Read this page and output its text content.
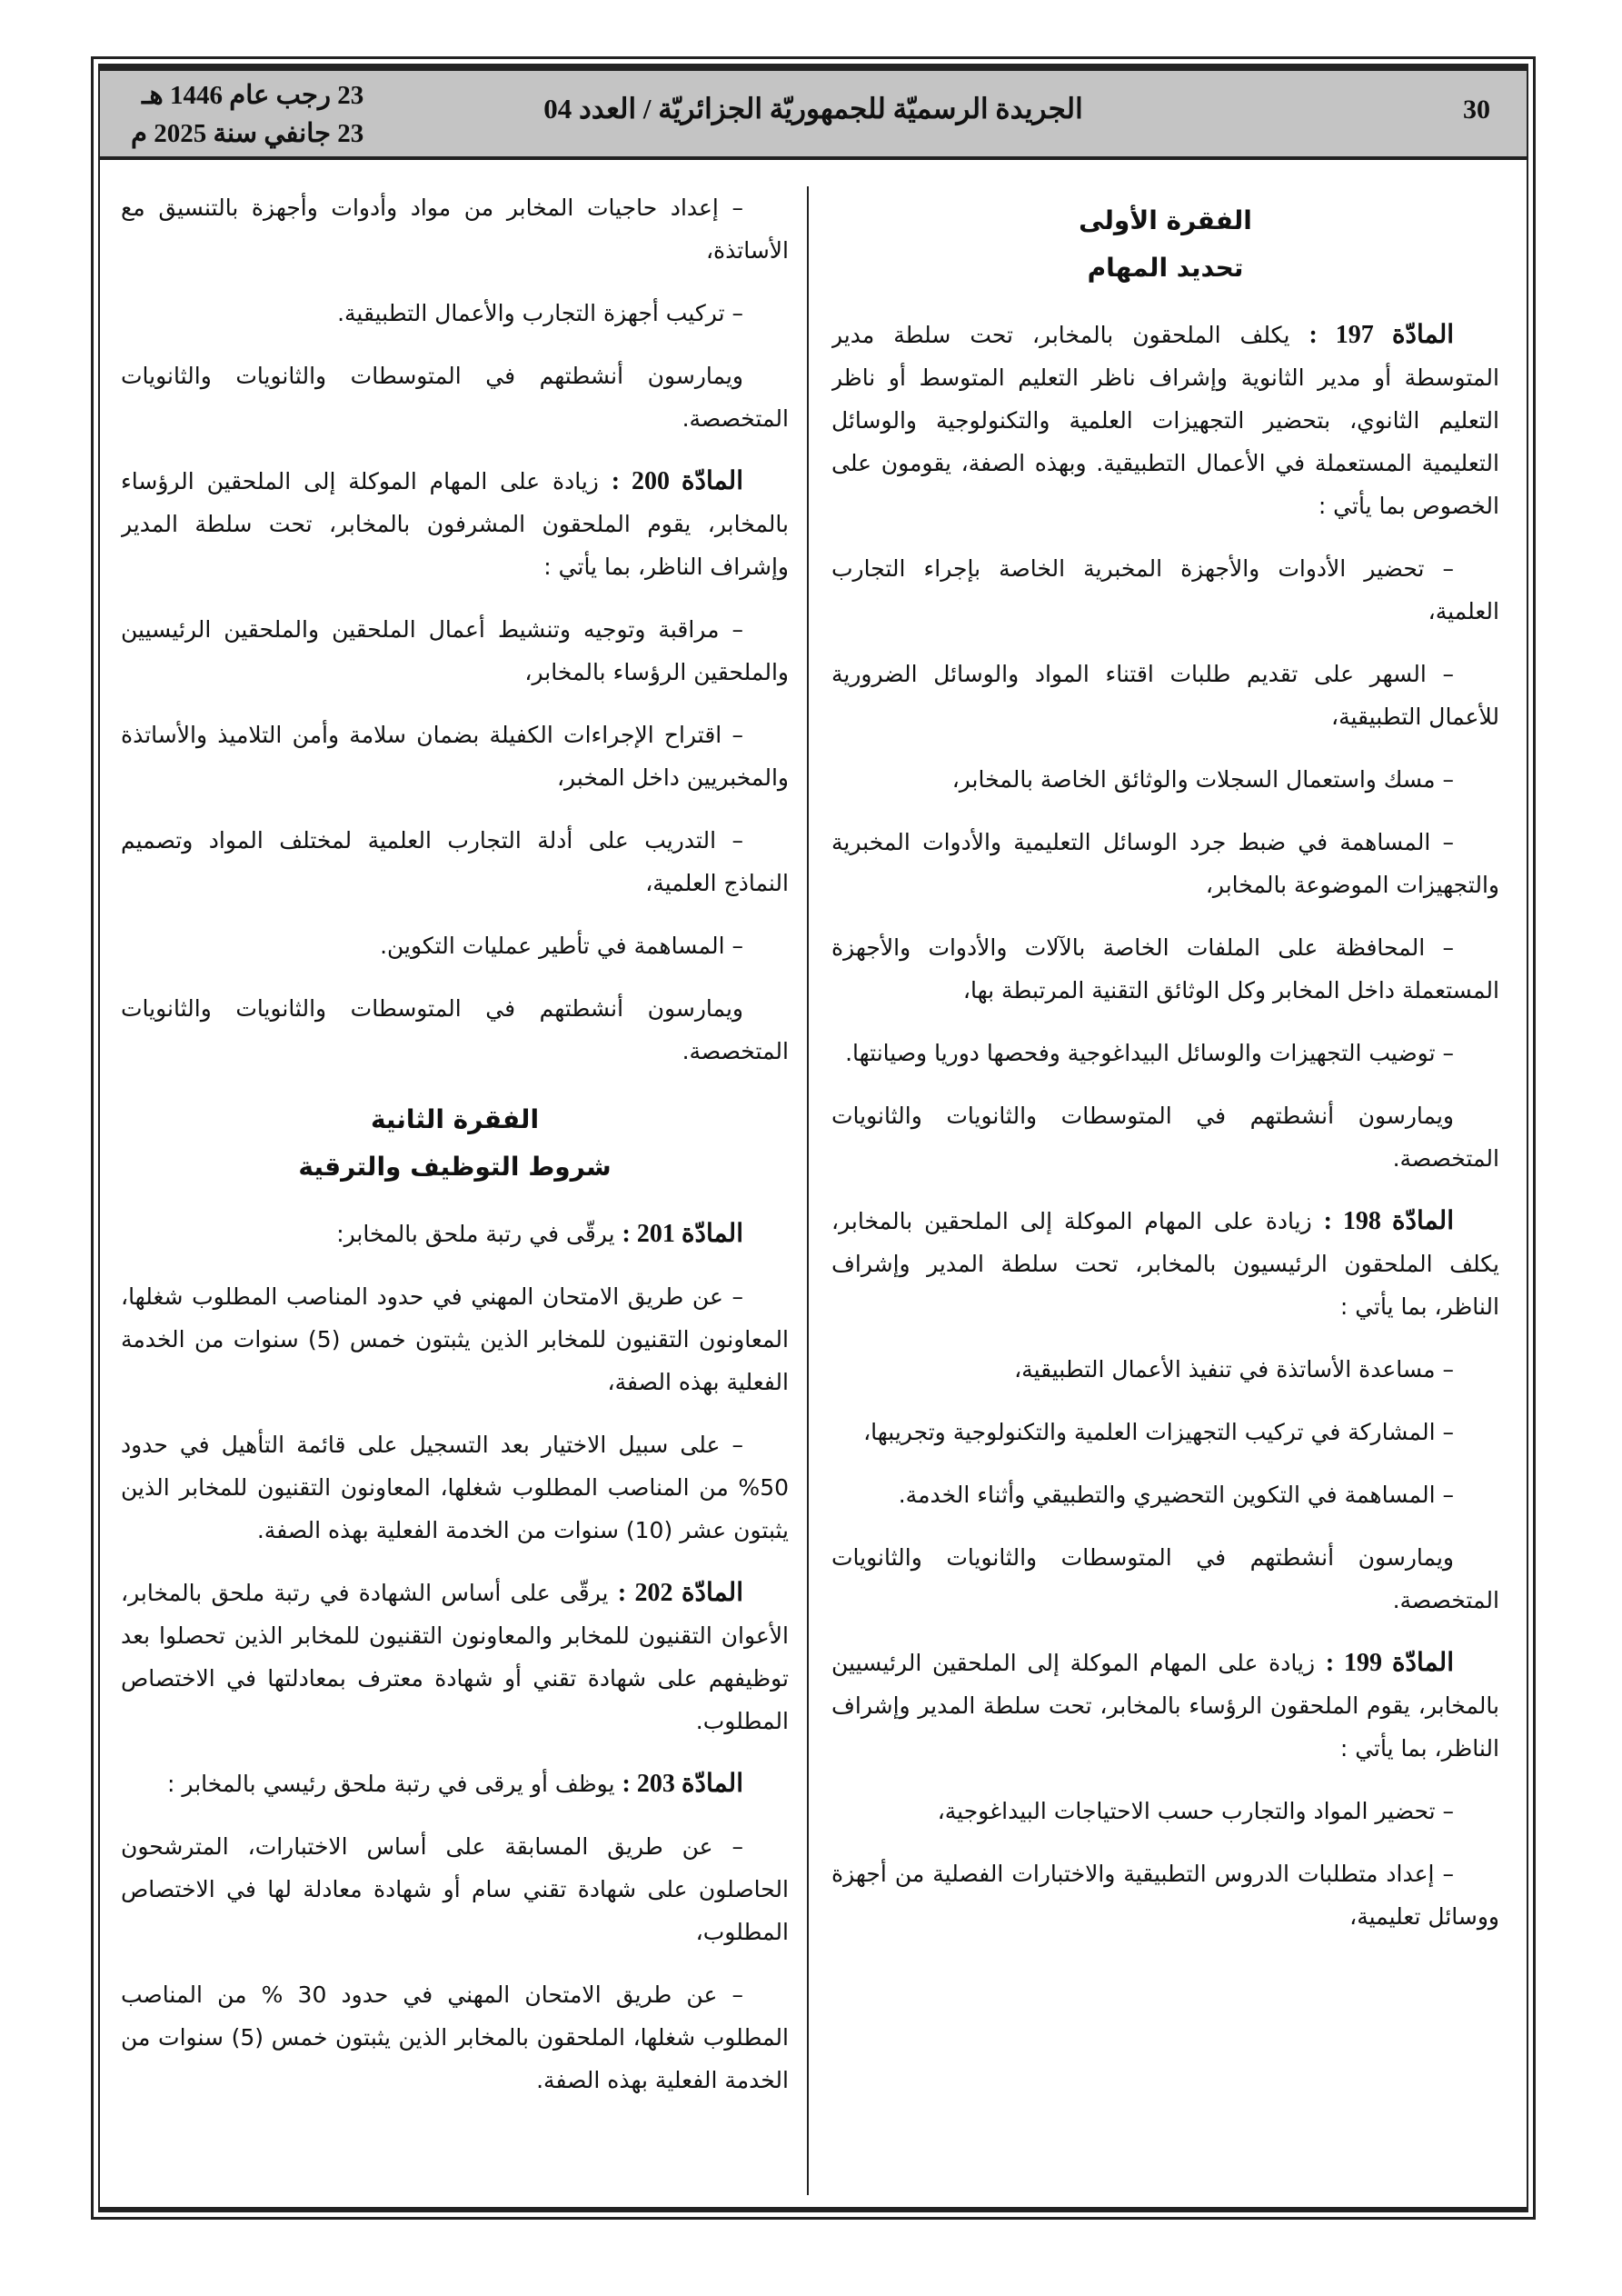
30
الجريدة الرسميّة للجمهوريّة الجزائريّة / العدد 04
23 رجب عام 1446 هـ
23 جانفي سنة 2025 م
الفقرة الأولى
تحديد المهام

المادّة 197 : يكلف الملحقون بالمخابر، تحت سلطة مدير المتوسطة أو مدير الثانوية وإشراف ناظر التعليم المتوسط أو ناظر التعليم الثانوي، بتحضير التجهيزات العلمية والتكنولوجية والوسائل التعليمية المستعملة في الأعمال التطبيقية. وبهذه الصفة، يقومون على الخصوص بما يأتي :

– تحضير الأدوات والأجهزة المخبرية الخاصة بإجراء التجارب العلمية،

– السهر على تقديم طلبات اقتناء المواد والوسائل الضرورية للأعمال التطبيقية،

– مسك واستعمال السجلات والوثائق الخاصة بالمخابر،

– المساهمة في ضبط جرد الوسائل التعليمية والأدوات المخبرية والتجهيزات الموضوعة بالمخابر،

– المحافظة على الملفات الخاصة بالآلات والأدوات والأجهزة المستعملة داخل المخابر وكل الوثائق التقنية المرتبطة بها،

– توضيب التجهيزات والوسائل البيداغوجية وفحصها دوريا وصيانتها.

ويمارسون أنشطتهم في المتوسطات والثانويات والثانويات المتخصصة.

المادّة 198 : زيادة على المهام الموكلة إلى الملحقين بالمخابر، يكلف الملحقون الرئيسيون بالمخابر، تحت سلطة المدير وإشراف الناظر، بما يأتي :

– مساعدة الأساتذة في تنفيذ الأعمال التطبيقية،

– المشاركة في تركيب التجهيزات العلمية والتكنولوجية وتجريبها،

– المساهمة في التكوين التحضيري والتطبيقي وأثناء الخدمة.

ويمارسون أنشطتهم في المتوسطات والثانويات والثانويات المتخصصة.

المادّة 199 : زيادة على المهام الموكلة إلى الملحقين الرئيسيين بالمخابر، يقوم الملحقون الرؤساء بالمخابر، تحت سلطة المدير وإشراف الناظر، بما يأتي :

– تحضير المواد والتجارب حسب الاحتياجات البيداغوجية،

– إعداد متطلبات الدروس التطبيقية والاختبارات الفصلية من أجهزة ووسائل تعليمية،

– إعداد حاجيات المخابر من مواد وأدوات وأجهزة بالتنسيق مع الأساتذة،

– تركيب أجهزة التجارب والأعمال التطبيقية.

ويمارسون أنشطتهم في المتوسطات والثانويات والثانويات المتخصصة.

المادّة 200 : زيادة على المهام الموكلة إلى الملحقين الرؤساء بالمخابر، يقوم الملحقون المشرفون بالمخابر، تحت سلطة المدير وإشراف الناظر، بما يأتي :

– مراقبة وتوجيه وتنشيط أعمال الملحقين والملحقين الرئيسيين والملحقين الرؤساء بالمخابر،

– اقتراح الإجراءات الكفيلة بضمان سلامة وأمن التلاميذ والأساتذة والمخبريين داخل المخبر،

– التدريب على أدلة التجارب العلمية لمختلف المواد وتصميم النماذج العلمية،

– المساهمة في تأطير عمليات التكوين.

ويمارسون أنشطتهم في المتوسطات والثانويات والثانويات المتخصصة.

الفقرة الثانية
شروط التوظيف والترقية

المادّة 201 : يرقّى في رتبة ملحق بالمخابر:

– عن طريق الامتحان المهني في حدود المناصب المطلوب شغلها، المعاونون التقنيون للمخابر الذين يثبتون خمس (5) سنوات من الخدمة الفعلية بهذه الصفة،

– على سبيل الاختيار بعد التسجيل على قائمة التأهيل في حدود 50% من المناصب المطلوب شغلها، المعاونون التقنيون للمخابر الذين يثبتون عشر (10) سنوات من الخدمة الفعلية بهذه الصفة.

المادّة 202 : يرقّى على أساس الشهادة في رتبة ملحق بالمخابر، الأعوان التقنيون للمخابر والمعاونون التقنيون للمخابر الذين تحصلوا بعد توظيفهم على شهادة تقني أو شهادة معترف بمعادلتها في الاختصاص المطلوب.

المادّة 203 : يوظف أو يرقى في رتبة ملحق رئيسي بالمخابر :

– عن طريق المسابقة على أساس الاختبارات، المترشحون الحاصلون على شهادة تقني سام أو شهادة معادلة لها في الاختصاص المطلوب،

– عن طريق الامتحان المهني في حدود 30 % من المناصب المطلوب شغلها، الملحقون بالمخابر الذين يثبتون خمس (5) سنوات من الخدمة الفعلية بهذه الصفة.
